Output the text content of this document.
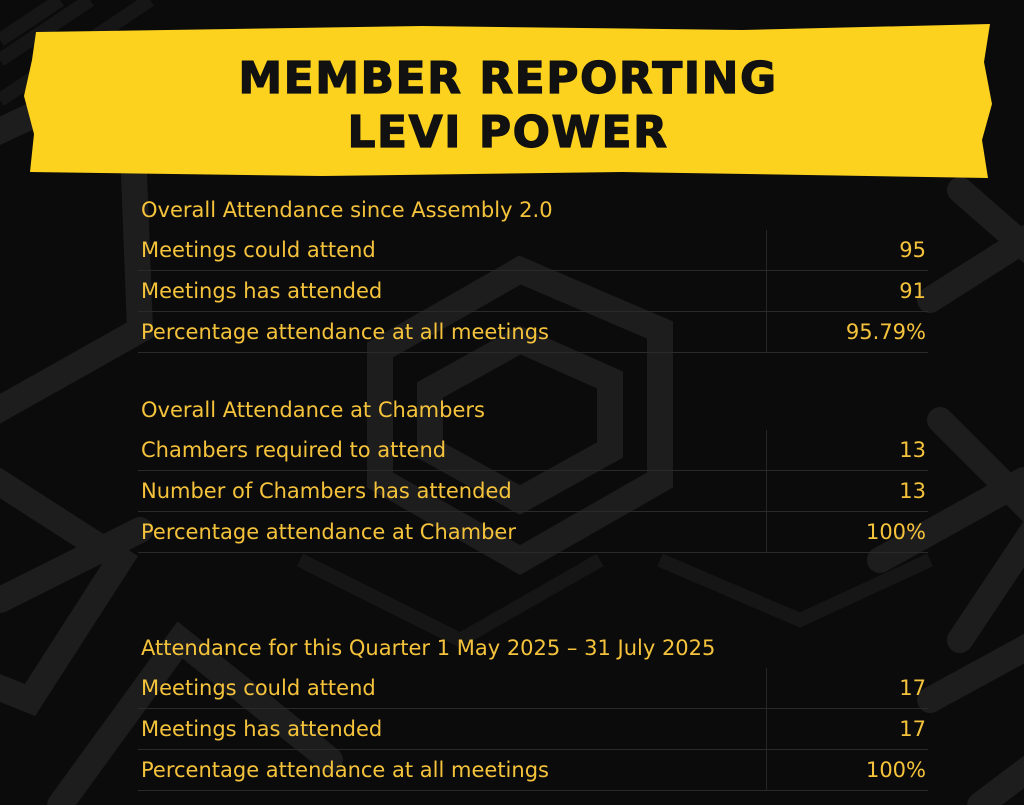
MEMBER REPORTING
LEVI POWER
Overall Attendance since Assembly 2.0
Meetings could attend	95
Meetings has attended	91
Percentage attendance at all meetings	95.79%
Overall Attendance at Chambers
Chambers required to attend	13
Number of Chambers has attended	13
Percentage attendance at Chamber	100%
Attendance for this Quarter 1 May 2025 – 31 July 2025
Meetings could attend	17
Meetings has attended	17
Percentage attendance at all meetings	100%
